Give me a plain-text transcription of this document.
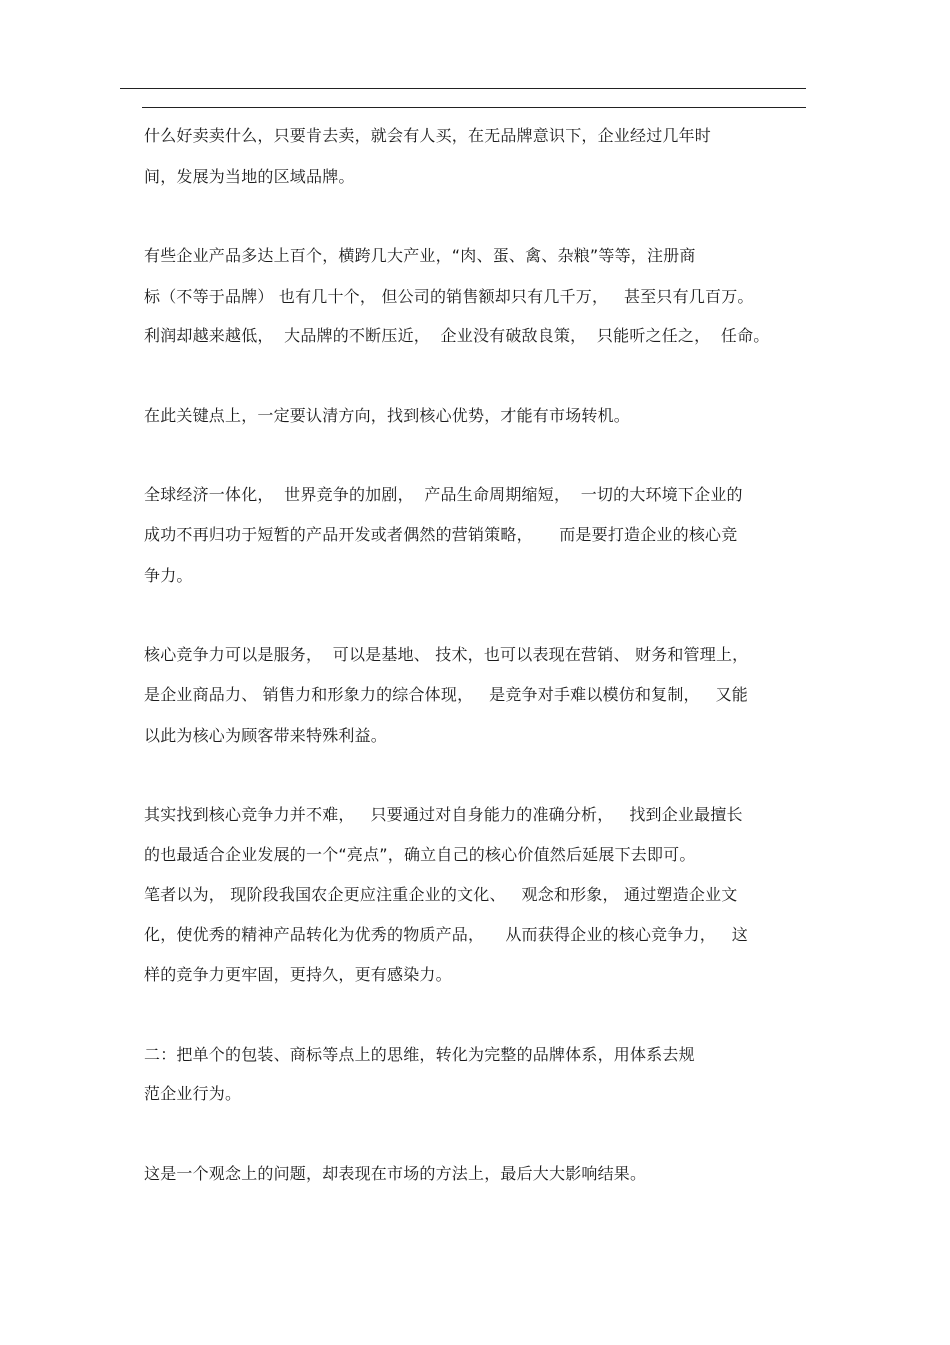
什么好卖卖什么，只要肯去卖，就会有人买，在无品牌意识下，企业经过几年时
间，发展为当地的区域品牌。
有些企业产品多达上百个，横跨几大产业，“肉、蛋、禽、杂粮”等等，注册商
标（不等于品牌） 也有几十个， 但公司的销售额却只有几千万，   甚至只有几百万。
利润却越来越低，  大品牌的不断压近，  企业没有破敌良策，  只能听之任之，  任命。
在此关键点上，一定要认清方向，找到核心优势，才能有市场转机。
全球经济一体化，  世界竞争的加剧，  产品生命周期缩短，  一切的大环境下企业的
成功不再归功于短暂的产品开发或者偶然的营销策略，     而是要打造企业的核心竞
争力。
核心竞争力可以是服务，  可以是基地、 技术，也可以表现在营销、 财务和管理上，
是企业商品力、 销售力和形象力的综合体现，   是竞争对手难以模仿和复制，   又能
以此为核心为顾客带来特殊利益。
其实找到核心竞争力并不难，   只要通过对自身能力的准确分析，   找到企业最擅长
的也最适合企业发展的一个“亮点”，确立自己的核心价值然后延展下去即可。
笔者以为， 现阶段我国农企更应注重企业的文化、   观念和形象， 通过塑造企业文
化，使优秀的精神产品转化为优秀的物质产品，    从而获得企业的核心竞争力，   这
样的竞争力更牢固，更持久，更有感染力。
二：把单个的包装、商标等点上的思维，转化为完整的品牌体系，用体系去规
范企业行为。
这是一个观念上的问题，却表现在市场的方法上，最后大大影响结果。
